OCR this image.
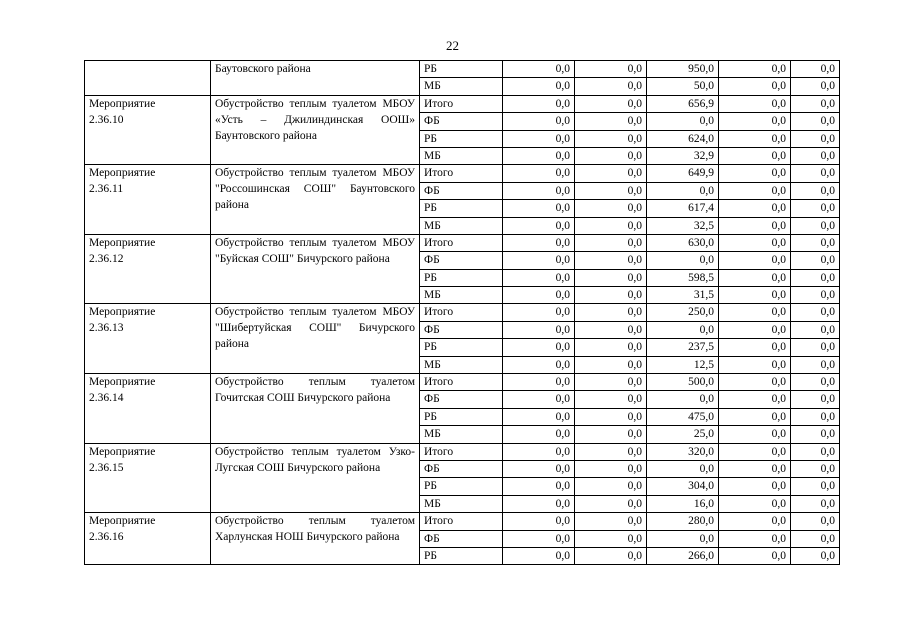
22
	Баутовского района	РБ	0,0	0,0	950,0	0,0	0,0
		МБ	0,0	0,0	50,0	0,0	0,0
Мероприятие
2.36.10	Обустройство теплым туалетом МБОУ «Усть – Джилиндинская ООШ» Баунтовского района	Итого	0,0	0,0	656,9	0,0	0,0
		ФБ	0,0	0,0	0,0	0,0	0,0
		РБ	0,0	0,0	624,0	0,0	0,0
		МБ	0,0	0,0	32,9	0,0	0,0
Мероприятие
2.36.11	Обустройство теплым туалетом МБОУ "Россошинская СОШ" Баунтовского района	Итого	0,0	0,0	649,9	0,0	0,0
		ФБ	0,0	0,0	0,0	0,0	0,0
		РБ	0,0	0,0	617,4	0,0	0,0
		МБ	0,0	0,0	32,5	0,0	0,0
Мероприятие
2.36.12	Обустройство теплым туалетом МБОУ "Буйская СОШ" Бичурского района	Итого	0,0	0,0	630,0	0,0	0,0
		ФБ	0,0	0,0	0,0	0,0	0,0
		РБ	0,0	0,0	598,5	0,0	0,0
		МБ	0,0	0,0	31,5	0,0	0,0
Мероприятие
2.36.13	Обустройство теплым туалетом МБОУ "Шибертуйская СОШ" Бичурского района	Итого	0,0	0,0	250,0	0,0	0,0
		ФБ	0,0	0,0	0,0	0,0	0,0
		РБ	0,0	0,0	237,5	0,0	0,0
		МБ	0,0	0,0	12,5	0,0	0,0
Мероприятие
2.36.14	Обустройство теплым туалетом Гочитская СОШ Бичурского района	Итого	0,0	0,0	500,0	0,0	0,0
		ФБ	0,0	0,0	0,0	0,0	0,0
		РБ	0,0	0,0	475,0	0,0	0,0
		МБ	0,0	0,0	25,0	0,0	0,0
Мероприятие
2.36.15	Обустройство теплым туалетом Узко-Лугская СОШ Бичурского района	Итого	0,0	0,0	320,0	0,0	0,0
		ФБ	0,0	0,0	0,0	0,0	0,0
		РБ	0,0	0,0	304,0	0,0	0,0
		МБ	0,0	0,0	16,0	0,0	0,0
Мероприятие
2.36.16	Обустройство теплым туалетом Харлунская НОШ Бичурского района	Итого	0,0	0,0	280,0	0,0	0,0
		ФБ	0,0	0,0	0,0	0,0	0,0
		РБ	0,0	0,0	266,0	0,0	0,0
